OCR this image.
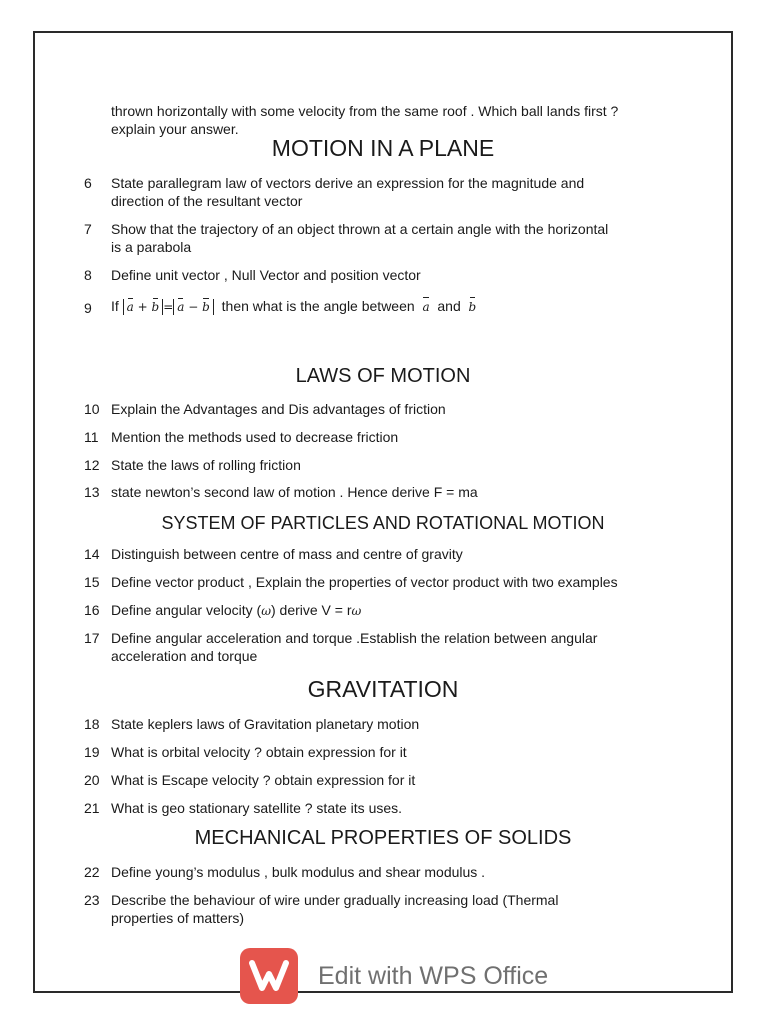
thrown horizontally with some velocity from the same roof . Which ball lands first ?

explain your answer.

MOTION IN A PLANE
6	State parallegram law of vectors derive an expression for the magnitude and
direction of the resultant vector
7	Show that the trajectory of an object thrown at a certain angle with the horizontal
is a parabola
8	Define unit vector , Null Vector and position vector
9	If a + b = a − b then what is the angle between a and b
LAWS OF MOTION
10 Explain the Advantages and Dis advantages of friction
11 Mention the methods used to decrease friction
12 State the laws of rolling friction
13 state newton’s second law of motion . Hence derive F = ma
SYSTEM OF PARTICLES AND ROTATIONAL MOTION
14 Distinguish between centre of mass and centre of gravity
15 Define vector product , Explain the properties of vector product with two examples
16 Define angular velocity (ω) derive V = rω
17 Define angular acceleration and torque .Establish the relation between angular
acceleration and torque
GRAVITATION
18 State keplers laws of Gravitation planetary motion
19 What is orbital velocity ? obtain expression for it
20 What is Escape velocity ? obtain expression for it
21 What is geo stationary satellite ? state its uses.
MECHANICAL PROPERTIES OF SOLIDS
22 Define young’s modulus , bulk modulus and shear modulus .
23 Describe the behaviour of wire under gradually increasing load (Thermal
properties of matters)
Edit with WPS Office
